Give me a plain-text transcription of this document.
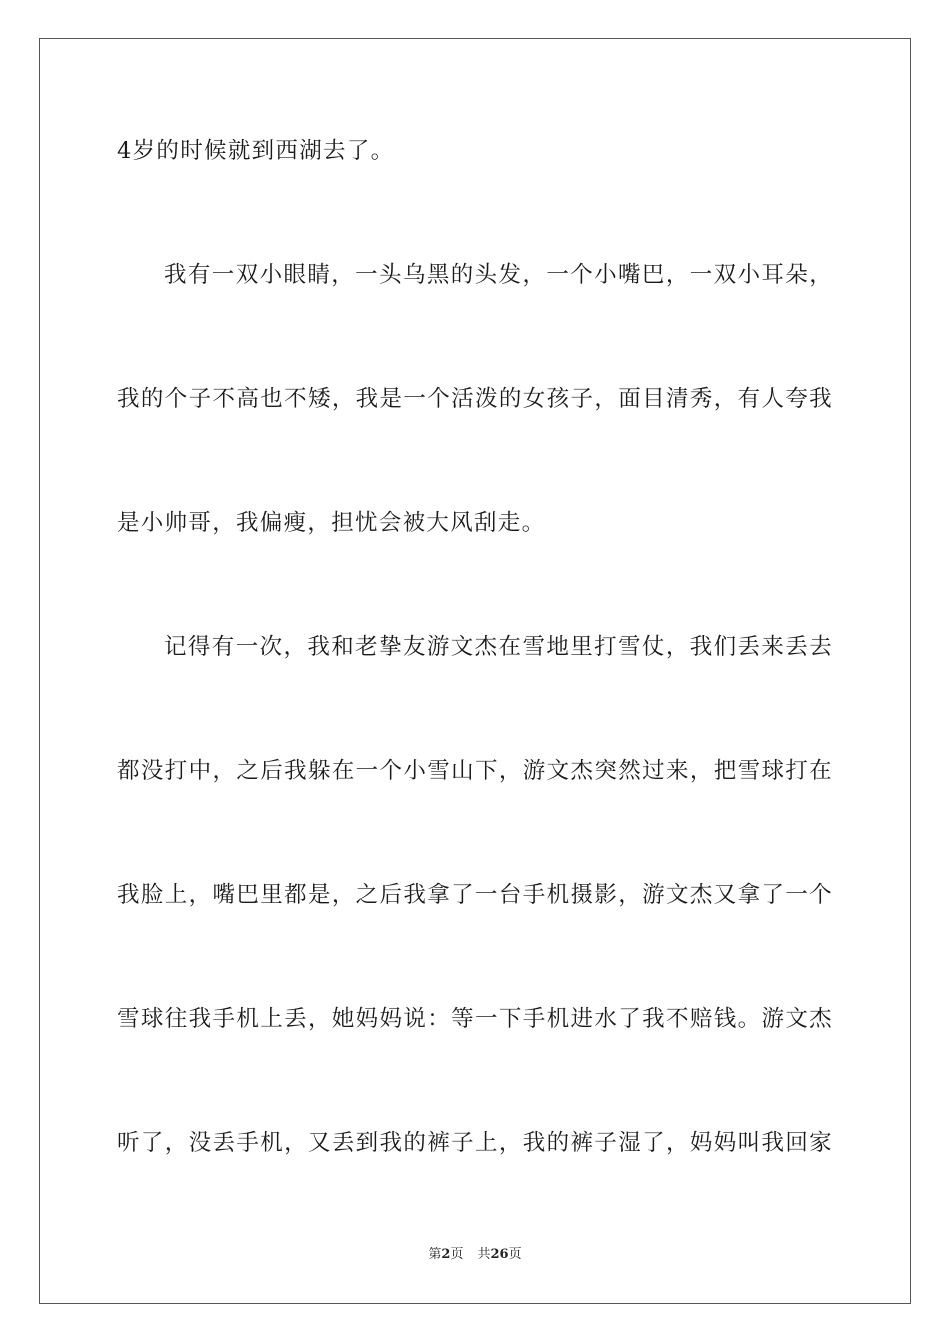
4岁的时候就到西湖去了。
我有一双小眼睛，一头乌黑的头发，一个小嘴巴，一双小耳朵，
我的个子不高也不矮，我是一个活泼的女孩子，面目清秀，有人夸我
是小帅哥，我偏瘦，担忧会被大风刮走。
记得有一次，我和老挚友游文杰在雪地里打雪仗，我们丢来丢去
都没打中，之后我躲在一个小雪山下，游文杰突然过来，把雪球打在
我脸上，嘴巴里都是，之后我拿了一台手机摄影，游文杰又拿了一个
雪球往我手机上丢，她妈妈说：等一下手机进水了我不赔钱。游文杰
听了，没丢手机，又丢到我的裤子上，我的裤子湿了，妈妈叫我回家
第2页 共26页
